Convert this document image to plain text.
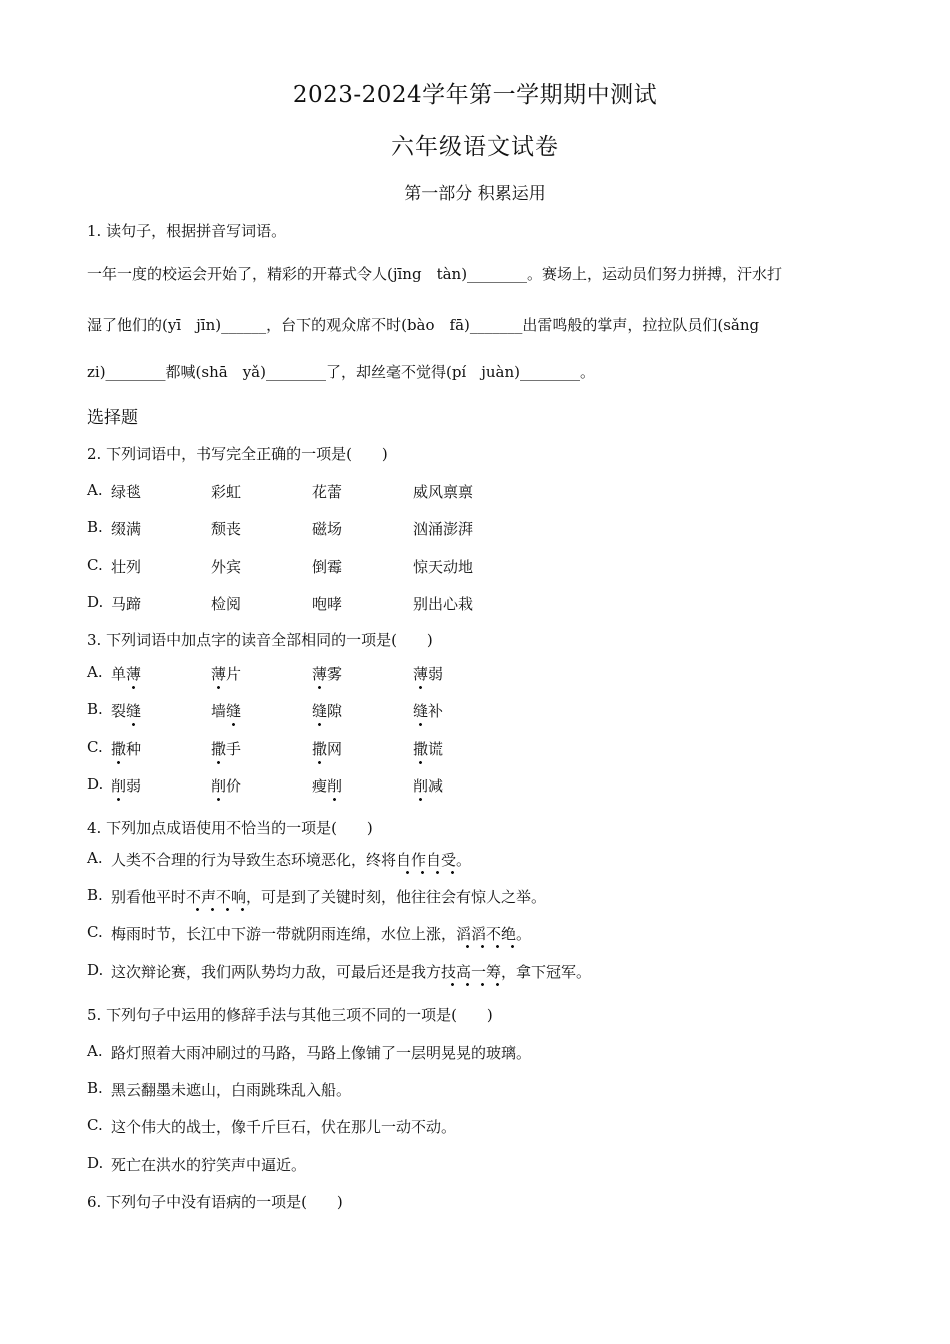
2023-2024学年第一学期期中测试
六年级语文试卷
第一部分 积累运用
1. 读句子，根据拼音写词语。
一年一度的校运会开始了，精彩的开幕式令人(jīng　tàn)________。赛场上，运动员们努力拼搏，汗水打
湿了他们的(yī　jīn)______，台下的观众席不时(bào　fā)_______出雷鸣般的掌声，拉拉队员们(sǎng
zi)________都喊(shā　yǎ)________了，却丝毫不觉得(pí　juàn)________。
选择题
2. 下列词语中，书写完全正确的一项是(　　)
A. 绿毯	彩虹	花蕾	威风禀禀
B. 缀满	颓丧	磁场	汹涌澎湃
C. 壮列	外宾	倒霉	惊天动地
D. 马蹄	检阅	咆哮	别出心栽
3. 下列词语中加点字的读音全部相同的一项是(　　)
A. 单薄	薄片	薄雾	薄弱
B. 裂缝	墙缝	缝隙	缝补
C. 撒种	撒手	撒网	撒谎
D. 削弱	削价	瘦削	削减
4. 下列加点成语使用不恰当的一项是(　　)
A. 人类不合理的行为导致生态环境恶化，终将自作自受。
B. 别看他平时不声不响，可是到了关键时刻，他往往会有惊人之举。
C. 梅雨时节，长江中下游一带就阴雨连绵，水位上涨，滔滔不绝。
D. 这次辩论赛，我们两队势均力敌，可最后还是我方技高一筹，拿下冠军。
5. 下列句子中运用的修辞手法与其他三项不同的一项是(　　)
A. 路灯照着大雨冲刷过的马路，马路上像铺了一层明晃晃的玻璃。
B. 黑云翻墨未遮山，白雨跳珠乱入船。
C. 这个伟大的战士，像千斤巨石，伏在那儿一动不动。
D. 死亡在洪水的狞笑声中逼近。
6. 下列句子中没有语病的一项是(　　)
